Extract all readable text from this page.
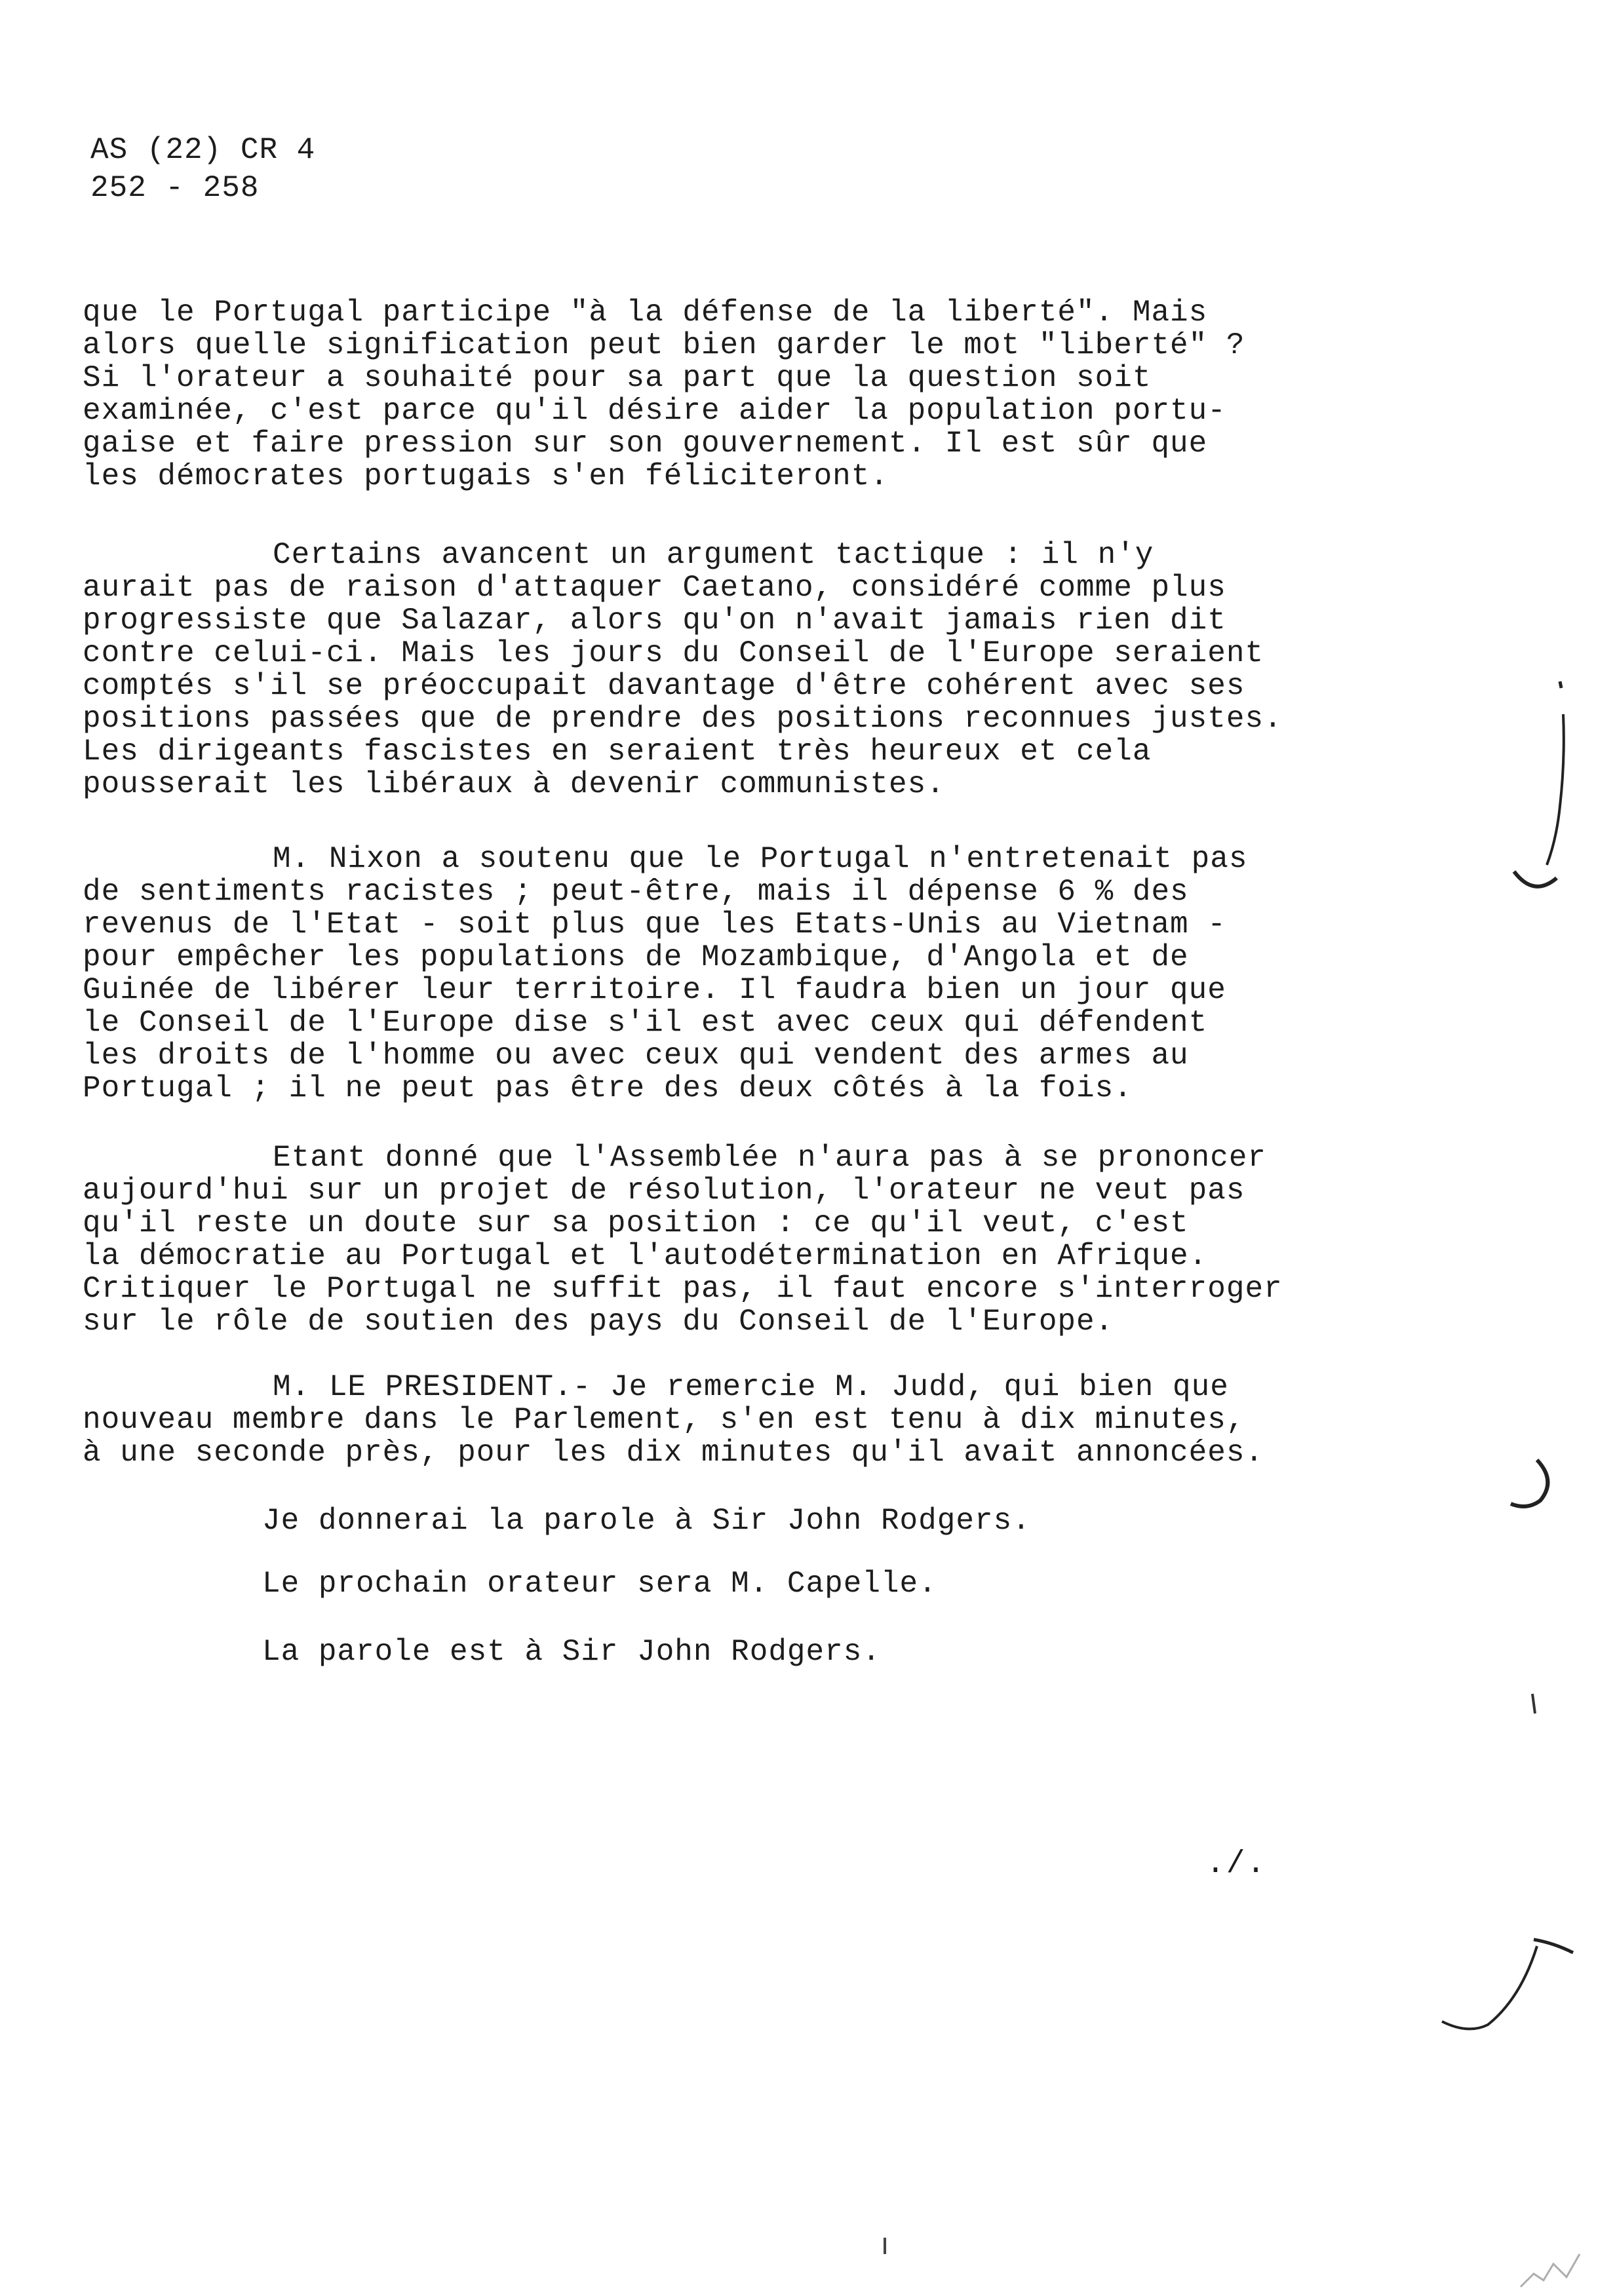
AS (22) CR 4
252 - 258
que le Portugal participe "à la défense de la liberté". Mais
alors quelle signification peut bien garder le mot "liberté" ?
Si l'orateur a souhaité pour sa part que la question soit
examinée, c'est parce qu'il désire aider la population portu-
gaise et faire pression sur son gouvernement. Il est sûr que
les démocrates portugais s'en féliciteront.
Certains avancent un argument tactique : il n'y
aurait pas de raison d'attaquer Caetano, considéré comme plus
progressiste que Salazar, alors qu'on n'avait jamais rien dit
contre celui-ci. Mais les jours du Conseil de l'Europe seraient
comptés s'il se préoccupait davantage d'être cohérent avec ses
positions passées que de prendre des positions reconnues justes.
Les dirigeants fascistes en seraient très heureux et cela
pousserait les libéraux à devenir communistes.
M. Nixon a soutenu que le Portugal n'entretenait pas
de sentiments racistes ; peut-être, mais il dépense 6 % des
revenus de l'Etat - soit plus que les Etats-Unis au Vietnam -
pour empêcher les populations de Mozambique, d'Angola et de
Guinée de libérer leur territoire. Il faudra bien un jour que
le Conseil de l'Europe dise s'il est avec ceux qui défendent
les droits de l'homme ou avec ceux qui vendent des armes au
Portugal ; il ne peut pas être des deux côtés à la fois.
Etant donné que l'Assemblée n'aura pas à se prononcer
aujourd'hui sur un projet de résolution, l'orateur ne veut pas
qu'il reste un doute sur sa position : ce qu'il veut, c'est
la démocratie au Portugal et l'autodétermination en Afrique.
Critiquer le Portugal ne suffit pas, il faut encore s'interroger
sur le rôle de soutien des pays du Conseil de l'Europe.
M. LE PRESIDENT.- Je remercie M. Judd, qui bien que
nouveau membre dans le Parlement, s'en est tenu à dix minutes,
à une seconde près, pour les dix minutes qu'il avait annoncées.
Je donnerai la parole à Sir John Rodgers.
Le prochain orateur sera M. Capelle.
La parole est à Sir John Rodgers.
./.
